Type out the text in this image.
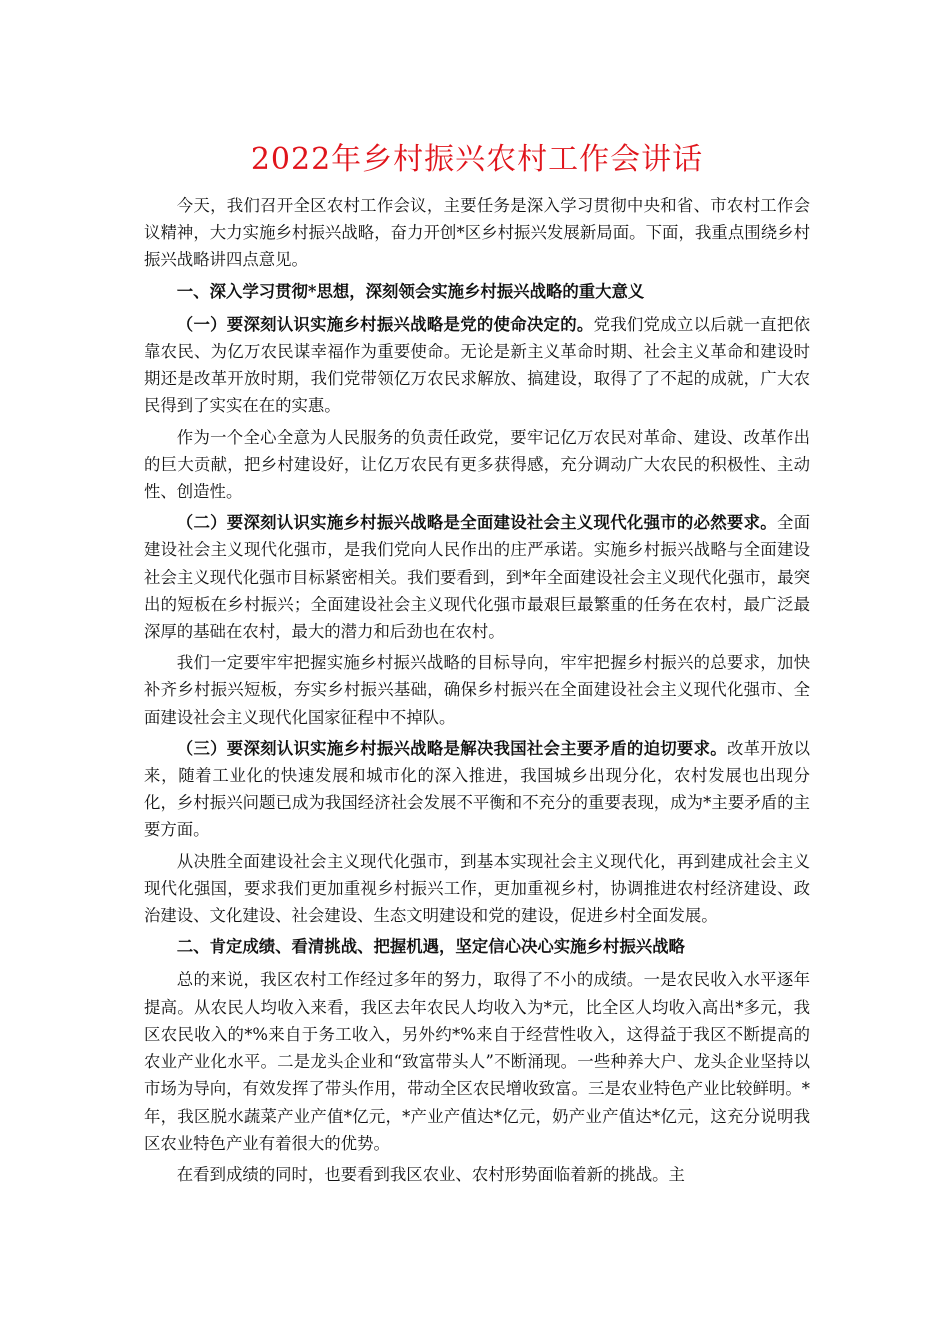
2022年乡村振兴农村工作会讲话

今天，我们召开全区农村工作会议，主要任务是深入学习贯彻中央和省、市农村工作会议精神，大力实施乡村振兴战略，奋力开创*区乡村振兴发展新局面。下面，我重点围绕乡村振兴战略讲四点意见。

一、深入学习贯彻*思想，深刻领会实施乡村振兴战略的重大意义

（一）要深刻认识实施乡村振兴战略是党的使命决定的。党我们党成立以后就一直把依靠农民、为亿万农民谋幸福作为重要使命。无论是新主义革命时期、社会主义革命和建设时期还是改革开放时期，我们党带领亿万农民求解放、搞建设，取得了了不起的成就，广大农民得到了实实在在的实惠。

作为一个全心全意为人民服务的负责任政党，要牢记亿万农民对革命、建设、改革作出的巨大贡献，把乡村建设好，让亿万农民有更多获得感，充分调动广大农民的积极性、主动性、创造性。

（二）要深刻认识实施乡村振兴战略是全面建设社会主义现代化强市的必然要求。全面建设社会主义现代化强市，是我们党向人民作出的庄严承诺。实施乡村振兴战略与全面建设社会主义现代化强市目标紧密相关。我们要看到，到*年全面建设社会主义现代化强市，最突出的短板在乡村振兴；全面建设社会主义现代化强市最艰巨最繁重的任务在农村，最广泛最深厚的基础在农村，最大的潜力和后劲也在农村。

我们一定要牢牢把握实施乡村振兴战略的目标导向，牢牢把握乡村振兴的总要求，加快补齐乡村振兴短板，夯实乡村振兴基础，确保乡村振兴在全面建设社会主义现代化强市、全面建设社会主义现代化国家征程中不掉队。

（三）要深刻认识实施乡村振兴战略是解决我国社会主要矛盾的迫切要求。改革开放以来，随着工业化的快速发展和城市化的深入推进，我国城乡出现分化，农村发展也出现分化，乡村振兴问题已成为我国经济社会发展不平衡和不充分的重要表现，成为*主要矛盾的主要方面。

从决胜全面建设社会主义现代化强市，到基本实现社会主义现代化，再到建成社会主义现代化强国，要求我们更加重视乡村振兴工作，更加重视乡村，协调推进农村经济建设、政治建设、文化建设、社会建设、生态文明建设和党的建设，促进乡村全面发展。

二、肯定成绩、看清挑战、把握机遇，坚定信心决心实施乡村振兴战略

总的来说，我区农村工作经过多年的努力，取得了不小的成绩。一是农民收入水平逐年提高。从农民人均收入来看，我区去年农民人均收入为*元，比全区人均收入高出*多元，我区农民收入的*%来自于务工收入，另外约*%来自于经营性收入，这得益于我区不断提高的农业产业化水平。二是龙头企业和“致富带头人”不断涌现。一些种养大户、龙头企业坚持以市场为导向，有效发挥了带头作用，带动全区农民增收致富。三是农业特色产业比较鲜明。*年，我区脱水蔬菜产业产值*亿元，*产业产值达*亿元，奶产业产值达*亿元，这充分说明我区农业特色产业有着很大的优势。

在看到成绩的同时，也要看到我区农业、农村形势面临着新的挑战。主
